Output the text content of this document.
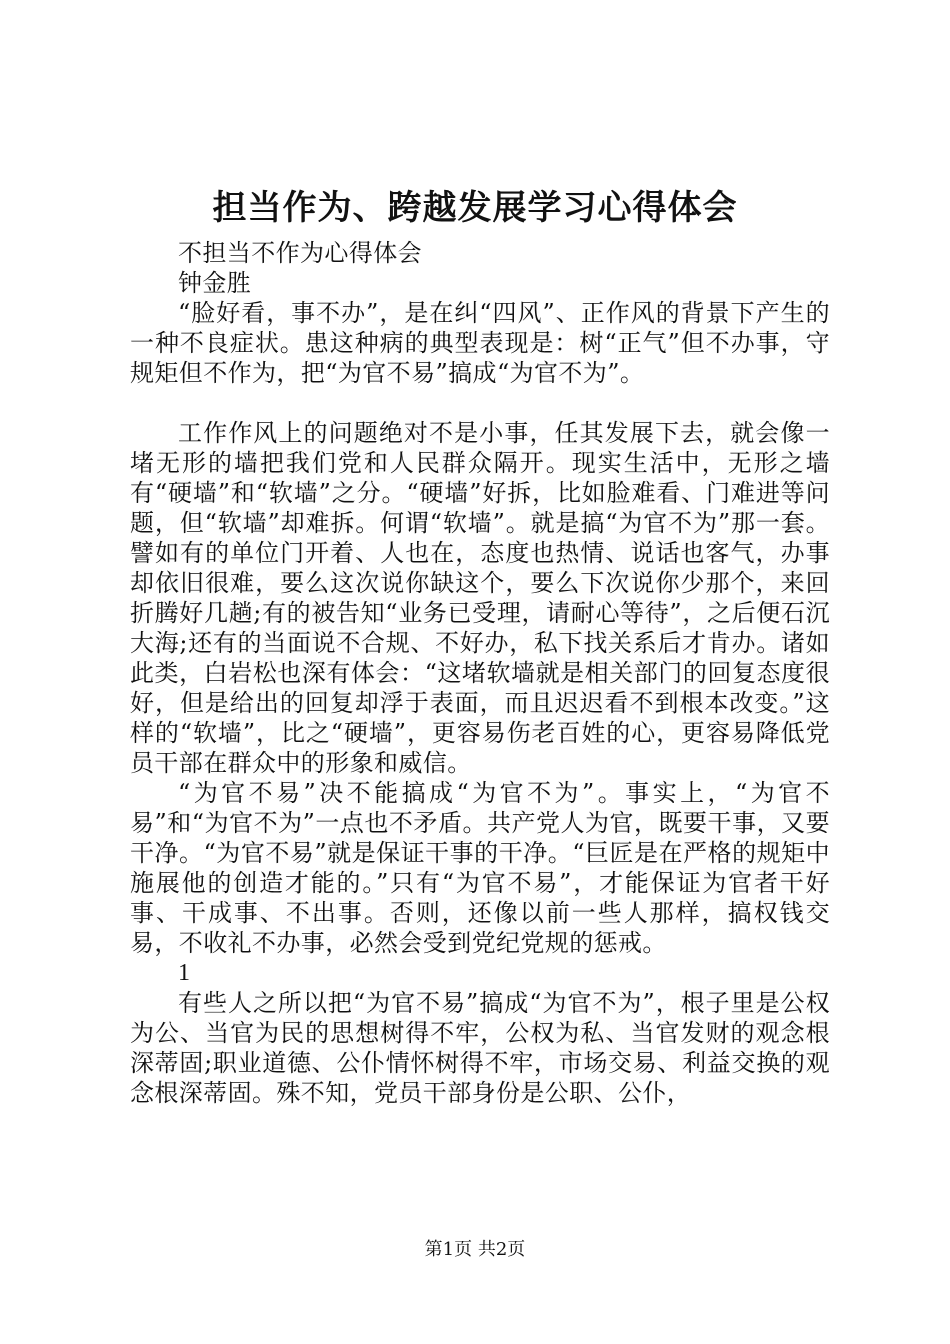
担当作为、跨越发展学习心得体会

不担当不作为心得体会

钟金胜

“脸好看，事不办”，是在纠“四风”、正作风的背景下产生的一种不良症状。患这种病的典型表现是：树“正气”但不办事，守规矩但不作为，把“为官不易”搞成“为官不为”。

工作作风上的问题绝对不是小事，任其发展下去，就会像一堵无形的墙把我们党和人民群众隔开。现实生活中，无形之墙有“硬墙”和“软墙”之分。“硬墙”好拆，比如脸难看、门难进等问题，但“软墙”却难拆。何谓“软墙”。就是搞“为官不为”那一套。譬如有的单位门开着、人也在，态度也热情、说话也客气，办事却依旧很难，要么这次说你缺这个，要么下次说你少那个，来回折腾好几趟;有的被告知“业务已受理，请耐心等待”，之后便石沉大海;还有的当面说不合规、不好办，私下找关系后才肯办。诸如此类，白岩松也深有体会：“这堵软墙就是相关部门的回复态度很好，但是给出的回复却浮于表面，而且迟迟看不到根本改变。”这样的“软墙”，比之“硬墙”，更容易伤老百姓的心，更容易降低党员干部在群众中的形象和威信。

“为官不易”决不能搞成“为官不为”。事实上，“为官不易”和“为官不为”一点也不矛盾。共产党人为官，既要干事，又要干净。“为官不易”就是保证干事的干净。“巨匠是在严格的规矩中施展他的创造才能的。”只有“为官不易”，才能保证为官者干好事、干成事、不出事。否则，还像以前一些人那样，搞权钱交易，不收礼不办事，必然会受到党纪党规的惩戒。

1

有些人之所以把“为官不易”搞成“为官不为”，根子里是公权为公、当官为民的思想树得不牢，公权为私、当官发财的观念根深蒂固;职业道德、公仆情怀树得不牢，市场交易、利益交换的观念根深蒂固。殊不知，党员干部身份是公职、公仆，

第1页 共2页
